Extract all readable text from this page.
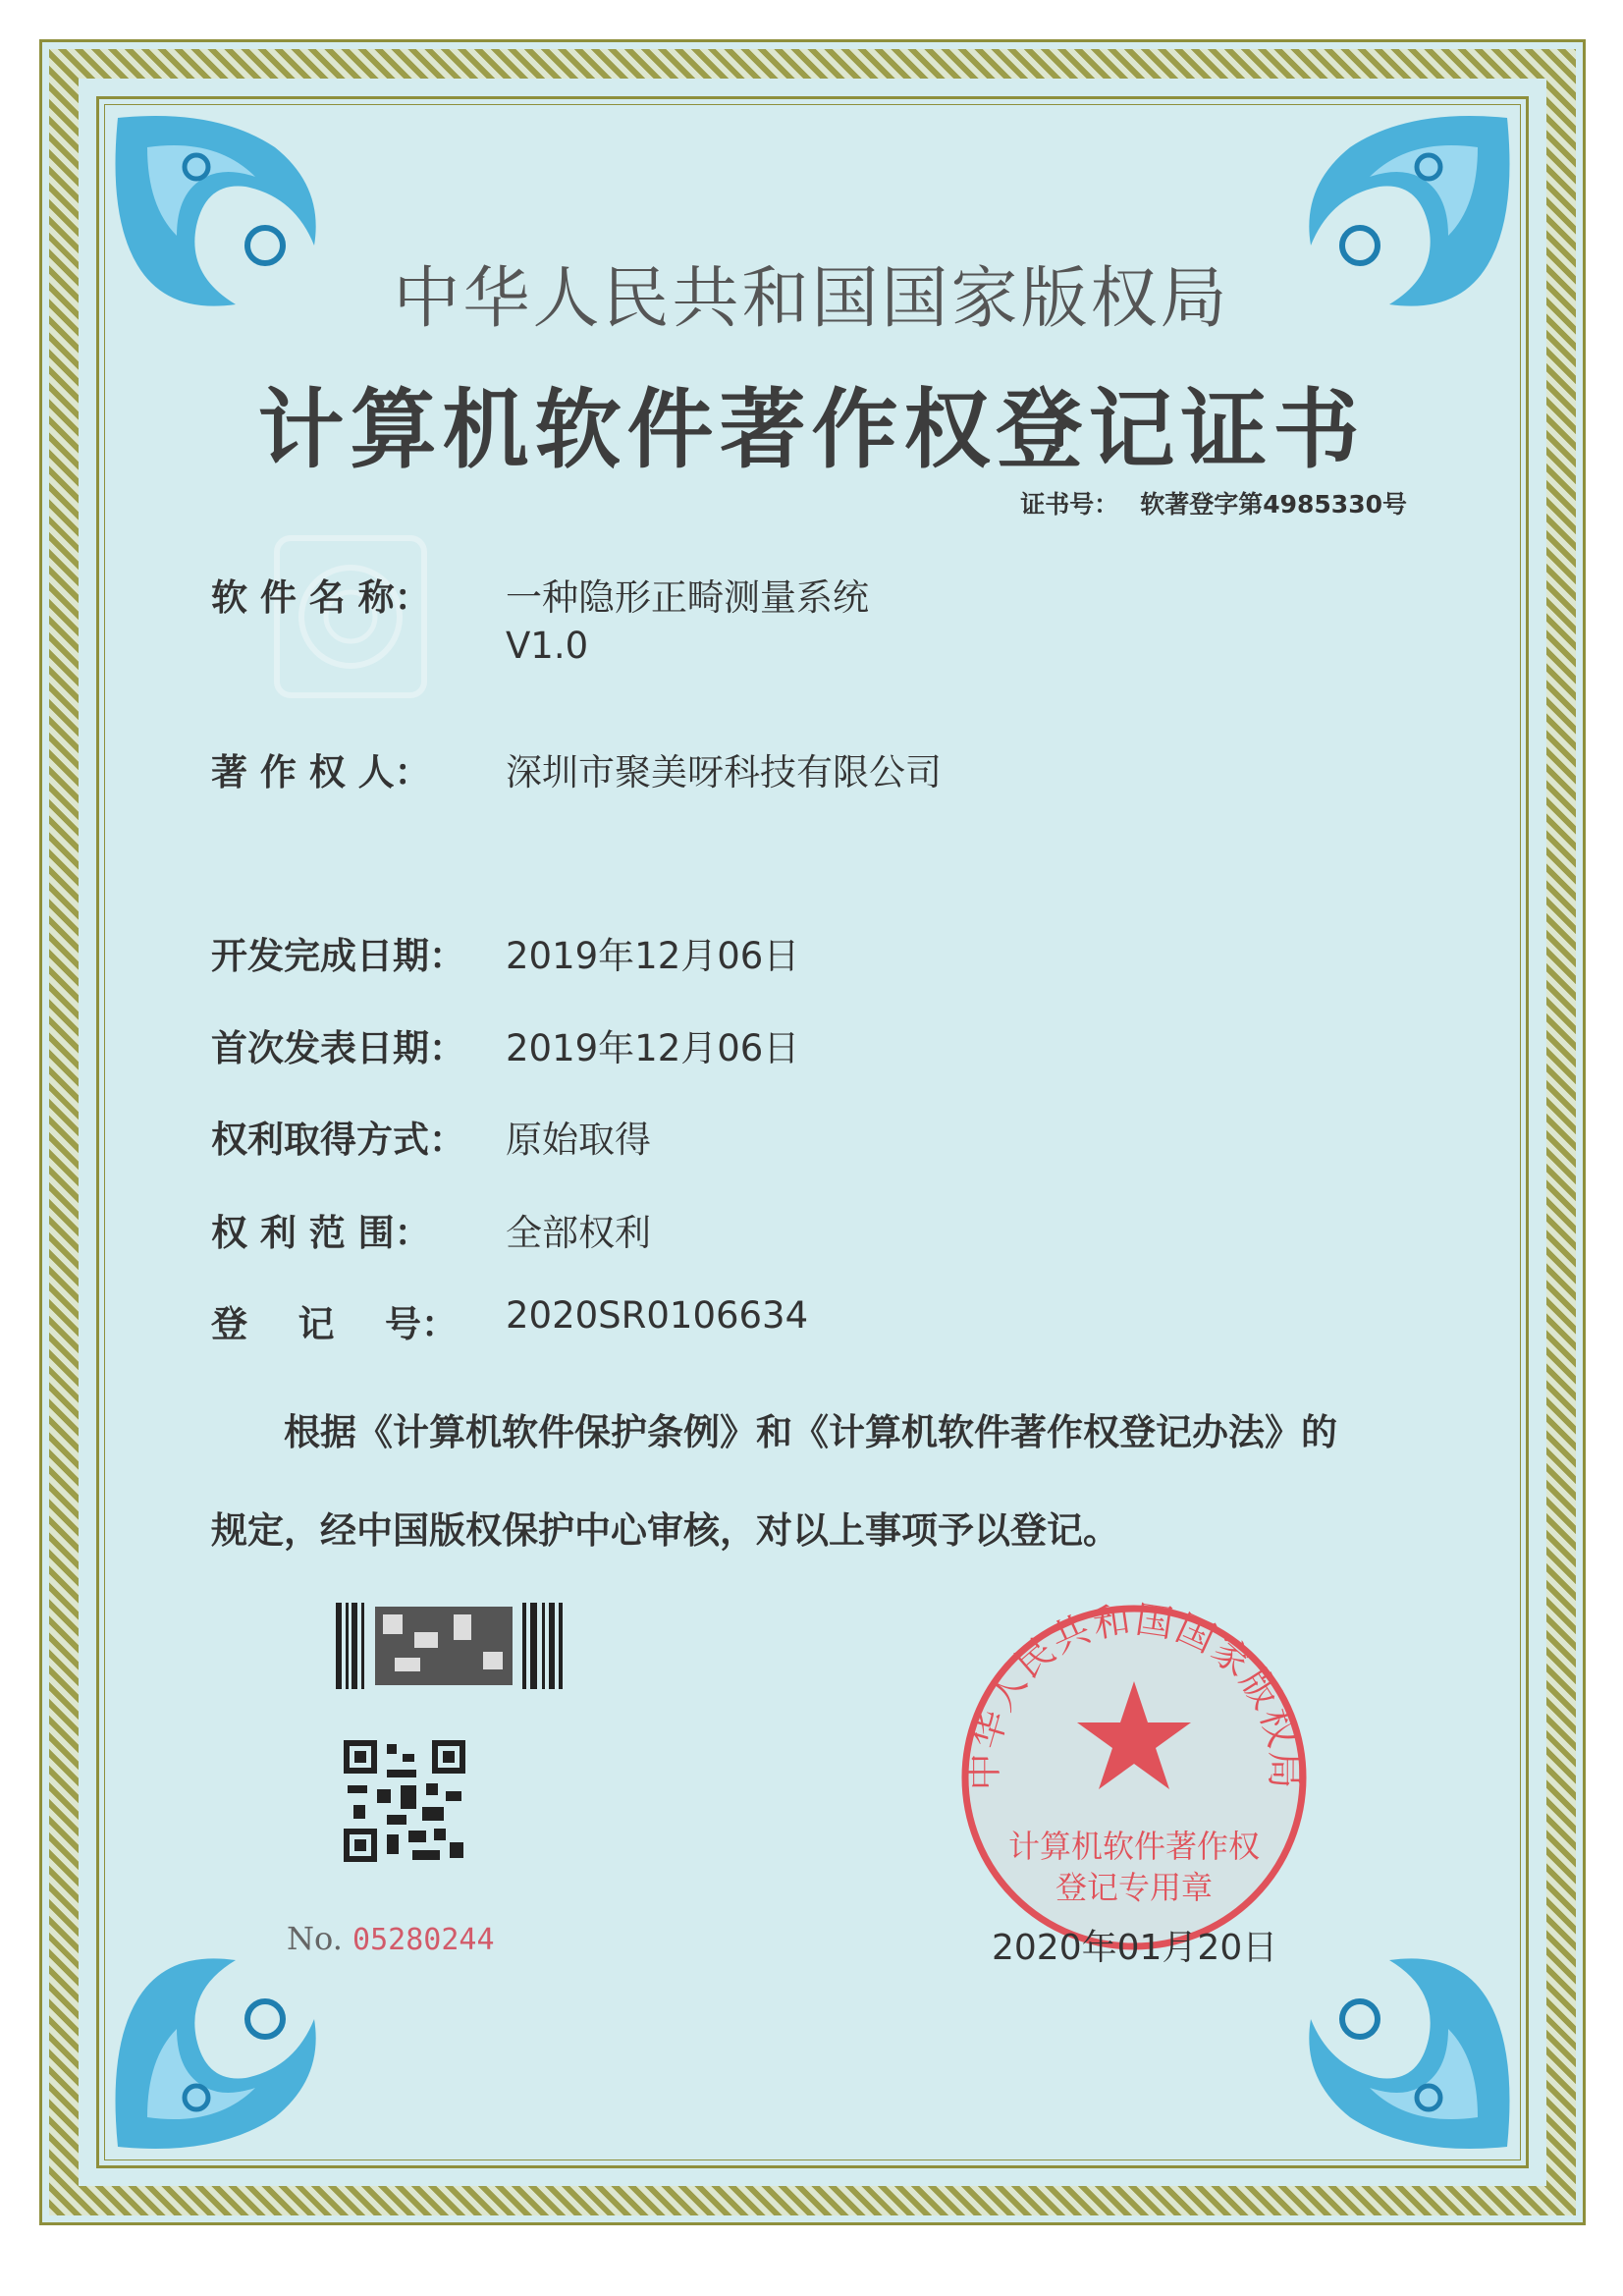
中华人民共和国国家版权局
计算机软件著作权登记证书
证书号： 软著登字第4985330号
软 件 名 称： 一种隐形正畸测量系统
V1.0
著 作 权 人： 深圳市聚美呀科技有限公司
开发完成日期： 2019年12月06日
首次发表日期： 2019年12月06日
权利取得方式： 原始取得
权 利 范 围： 全部权利
登    记    号： 2020SR0106634
根据《计算机软件保护条例》和《计算机软件著作权登记办法》的
规定，经中国版权保护中心审核，对以上事项予以登记。
No. 05280244
中华人民共和国国家版权局
计算机软件著作权
登记专用章
2020年01月20日
